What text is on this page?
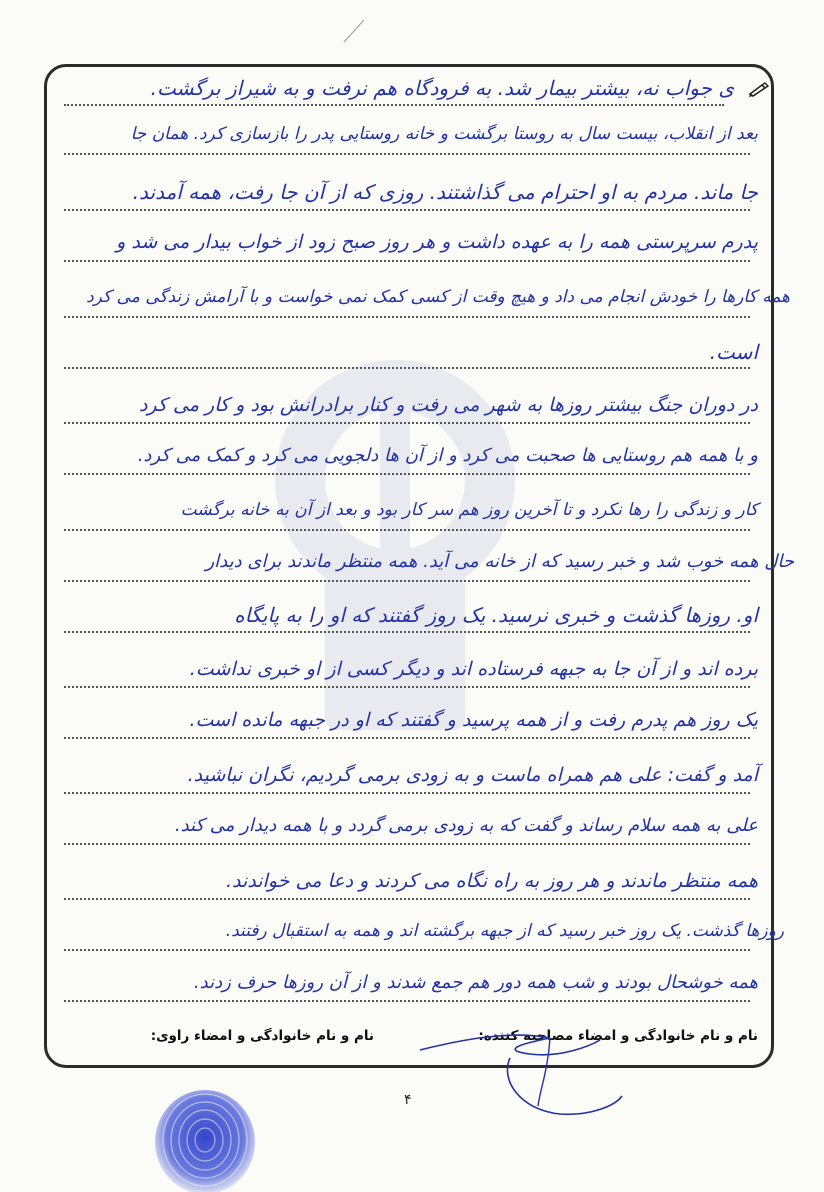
ی جواب نه، بیشتر بیمار شد. به فرودگاه هم نرفت و به شیراز برگشت.
بعد از انقلاب، بیست سال به روستا برگشت و خانه روستایی پدر را بازسازی کرد. همان جا
جا ماند. مردم به او احترام می گذاشتند. روزی که از آن جا رفت، همه آمدند.
پدرم سرپرستی همه را به عهده داشت و هر روز صبح زود از خواب بیدار می شد و
همه کارها را خودش انجام می داد و هیچ وقت از کسی کمک نمی خواست و با آرامش زندگی می کرد
است.
در دوران جنگ بیشتر روزها به شهر می رفت و کنار برادرانش بود و کار می کرد
و با همه هم روستایی ها صحبت می کرد و از آن ها دلجویی می کرد و کمک می کرد.
کار و زندگی را رها نکرد و تا آخرین روز هم سر کار بود و بعد از آن به خانه برگشت
حال همه خوب شد و خبر رسید که از خانه می آید. همه منتظر ماندند برای دیدار
او. روزها گذشت و خبری نرسید. یک روز گفتند که او را به پایگاه
برده اند و از آن جا به جبهه فرستاده اند و دیگر کسی از او خبری نداشت.
یک روز هم پدرم رفت و از همه پرسید و گفتند که او در جبهه مانده است.
آمد و گفت: علی هم همراه ماست و به زودی برمی گردیم، نگران نباشید.
علی به همه سلام رساند و گفت که به زودی برمی گردد و با همه دیدار می کند.
همه منتظر ماندند و هر روز به راه نگاه می کردند و دعا می خواندند.
روزها گذشت. یک روز خبر رسید که از جبهه برگشته اند و همه به استقبال رفتند.
همه خوشحال بودند و شب همه دور هم جمع شدند و از آن روزها حرف زدند.
نام و نام خانوادگی و امضاء مصاحبه کننده:
نام و نام خانوادگی و امضاء راوی:
۴
